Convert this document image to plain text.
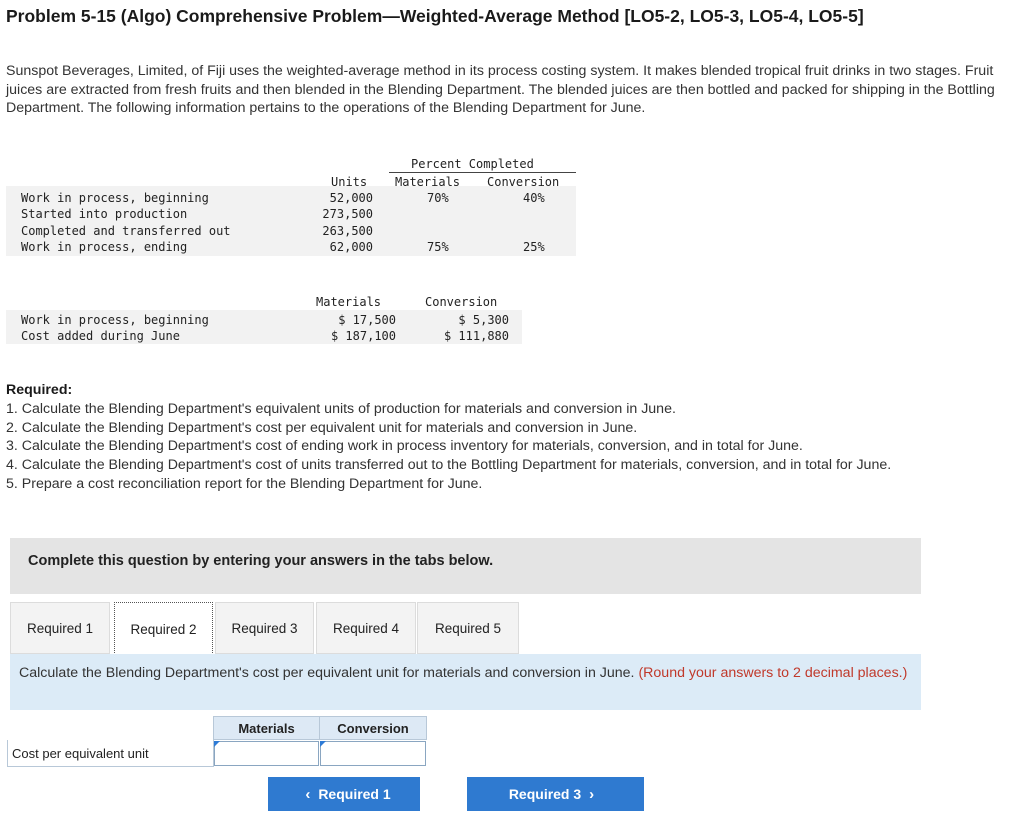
Problem 5-15 (Algo) Comprehensive Problem—Weighted-Average Method [LO5-2, LO5-3, LO5-4, LO5-5]
Sunspot Beverages, Limited, of Fiji uses the weighted-average method in its process costing system. It makes blended tropical fruit drinks in two stages. Fruit juices are extracted from fresh fruits and then blended in the Blending Department. The blended juices are then bottled and packed for shipping in the Bottling Department. The following information pertains to the operations of the Blending Department for June.
Percent Completed
Units Materials Conversion
Work in process, beginning	52,000	70%	40%
Started into production	273,500
Completed and transferred out	263,500
Work in process, ending	62,000	75%	25%
Materials	Conversion
Work in process, beginning	$ 17,500	$ 5,300
Cost added during June	$ 187,100	$ 111,880
Required:
1. Calculate the Blending Department's equivalent units of production for materials and conversion in June.
2. Calculate the Blending Department's cost per equivalent unit for materials and conversion in June.
3. Calculate the Blending Department's cost of ending work in process inventory for materials, conversion, and in total for June.
4. Calculate the Blending Department's cost of units transferred out to the Bottling Department for materials, conversion, and in total for June.
5. Prepare a cost reconciliation report for the Blending Department for June.
Complete this question by entering your answers in the tabs below.
Required 1	Required 2	Required 3	Required 4	Required 5
Calculate the Blending Department's cost per equivalent unit for materials and conversion in June. (Round your answers to 2 decimal places.)
Materials	Conversion
Cost per equivalent unit
‹ Required 1	Required 3 ›
